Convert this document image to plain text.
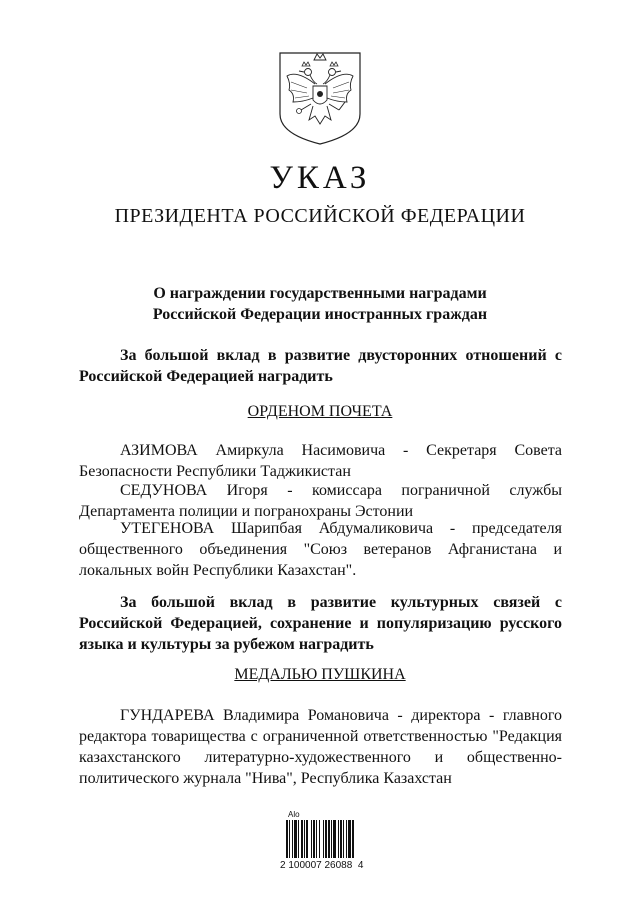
УКАЗ
ПРЕЗИДЕНТА РОССИЙСКОЙ ФЕДЕРАЦИИ
О награждении государственными наградами
Российской Федерации иностранных граждан
За большой вклад в развитие двусторонних отношений с Российской Федерацией наградить
ОРДЕНОМ ПОЧЕТА
АЗИМОВА Амиркула Насимовича - Секретаря Совета Безопасности Республики Таджикистан
СЕДУНОВА Игоря - комиссара пограничной службы Департамента полиции и погранохраны Эстонии
УТЕГЕНОВА Шарипбая Абдумаликовича - председателя общественного объединения "Союз ветеранов Афганистана и локальных войн Республики Казахстан".
За большой вклад в развитие культурных связей с Российской Федерацией, сохранение и популяризацию русского языка и культуры за рубежом наградить
МЕДАЛЬЮ ПУШКИНА
ГУНДАРЕВА Владимира Романовича - директора - главного редактора товарищества с ограниченной ответственностью "Редакция казахстанского литературно-художественного и общественно-политического журнала "Нива", Республика Казахстан
Alo
2 100007 26088  4
